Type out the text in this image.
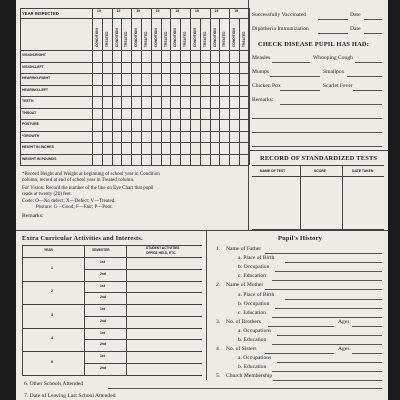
YEAR INSPECTED	19	19	19	19	19	19	19	19
CONDITION TREATED CONDITION TREATED CONDITION TREATED CONDITION TREATED CONDITION TREATED CONDITION TREATED CONDITION TREATED CONDITION TREATED
VISION-RIGHT
VISION-LEFT
HEARING-RIGHT
HEARING-LEFT
TEETH
THROAT
POSTURE
*GROWTH
HEIGHT IN INCHES
WEIGHT IN POUNDS
*Record Height and Weight at beginning of school year in Condition
column; record at end of school year in Treated column.
For Vision: Record the number of the line on Eye Chart that pupil
reads at twenty (20) feet.
Code: O—No defect; X—Defect; V—Treated.
Posture: G—Good; F—Fair; P—Poor.
Remarks:
Successfully Vaccinated	Date
Diphtheria Immunization	Date
CHECK DISEASE PUPIL HAS HAD:
Measles	Whooping Cough
Mumps	Smallpox
Chicken Pox	Scarlet Fever
Remarks:
RECORD OF STANDARDIZED TESTS
NAME OF TEST	SCORE	DATE TAKEN
Extra Curricular Activities and Interests.
YEAR	SEMESTER	STUDENT ACTIVITIES
OFFICE HELD, ETC.
1
1st
2nd
2
1st
2nd
3
1st
2nd
4
1st
2nd
5
1st
2nd
Pupil's History
1. Name of Father
a. Place of Birth
b. Occupation
c. Education
2. Name of Mother
a. Place of Birth
b. Occupation
c. Education
3. No. of Brothers	Ages
a. Occupations
b. Education
4. No. of Sisters	Ages
a. Occupations
b. Education
5. Church Membership
6. Other Schools Attended
7. Date of Leaving Last School Attended
